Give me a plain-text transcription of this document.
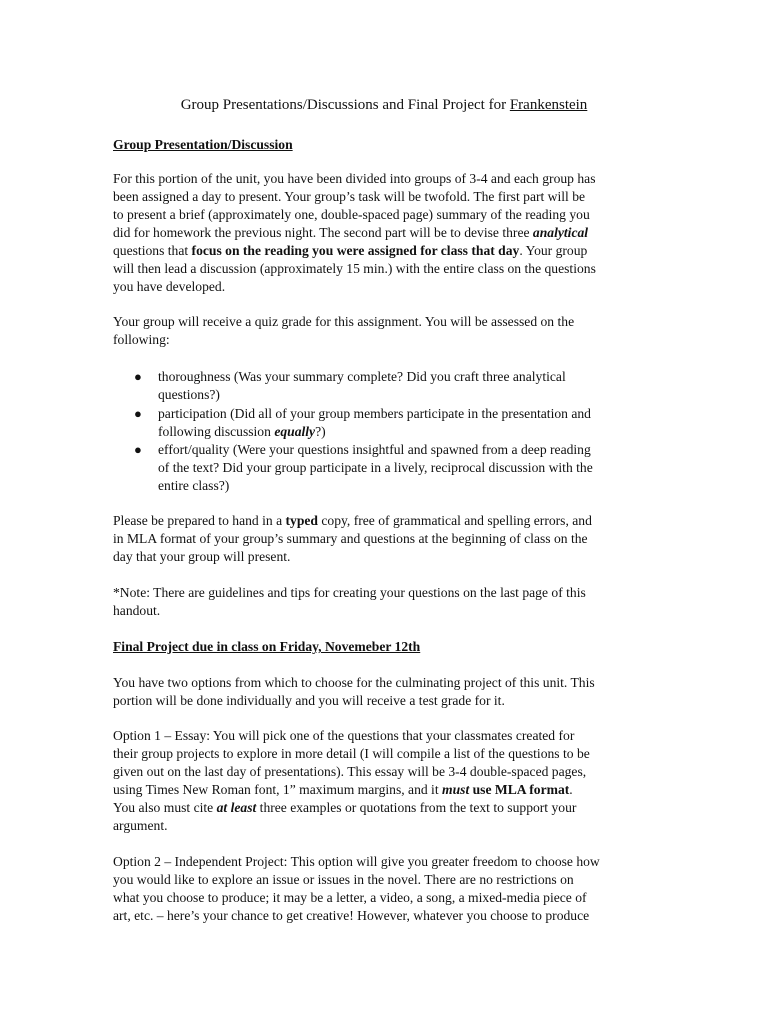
Group Presentations/Discussions and Final Project for Frankenstein
Group Presentation/Discussion
For this portion of the unit, you have been divided into groups of 3-4 and each group has
been assigned a day to present. Your group’s task will be twofold. The first part will be
to present a brief (approximately one, double-spaced page) summary of the reading you
did for homework the previous night. The second part will be to devise three analytical
questions that focus on the reading you were assigned for class that day. Your group
will then lead a discussion (approximately 15 min.) with the entire class on the questions
you have developed.
Your group will receive a quiz grade for this assignment. You will be assessed on the
following:
● thoroughness (Was your summary complete? Did you craft three analytical
questions?)
● participation (Did all of your group members participate in the presentation and
following discussion equally?)
● effort/quality (Were your questions insightful and spawned from a deep reading
of the text? Did your group participate in a lively, reciprocal discussion with the
entire class?)
Please be prepared to hand in a typed copy, free of grammatical and spelling errors, and
in MLA format of your group’s summary and questions at the beginning of class on the
day that your group will present.
*Note: There are guidelines and tips for creating your questions on the last page of this
handout.
Final Project due in class on Friday, Novemeber 12th
You have two options from which to choose for the culminating project of this unit. This
portion will be done individually and you will receive a test grade for it.
Option 1 – Essay: You will pick one of the questions that your classmates created for
their group projects to explore in more detail (I will compile a list of the questions to be
given out on the last day of presentations). This essay will be 3-4 double-spaced pages,
using Times New Roman font, 1” maximum margins, and it must use MLA format.
You also must cite at least three examples or quotations from the text to support your
argument.
Option 2 – Independent Project: This option will give you greater freedom to choose how
you would like to explore an issue or issues in the novel. There are no restrictions on
what you choose to produce; it may be a letter, a video, a song, a mixed-media piece of
art, etc. – here’s your chance to get creative! However, whatever you choose to produce
